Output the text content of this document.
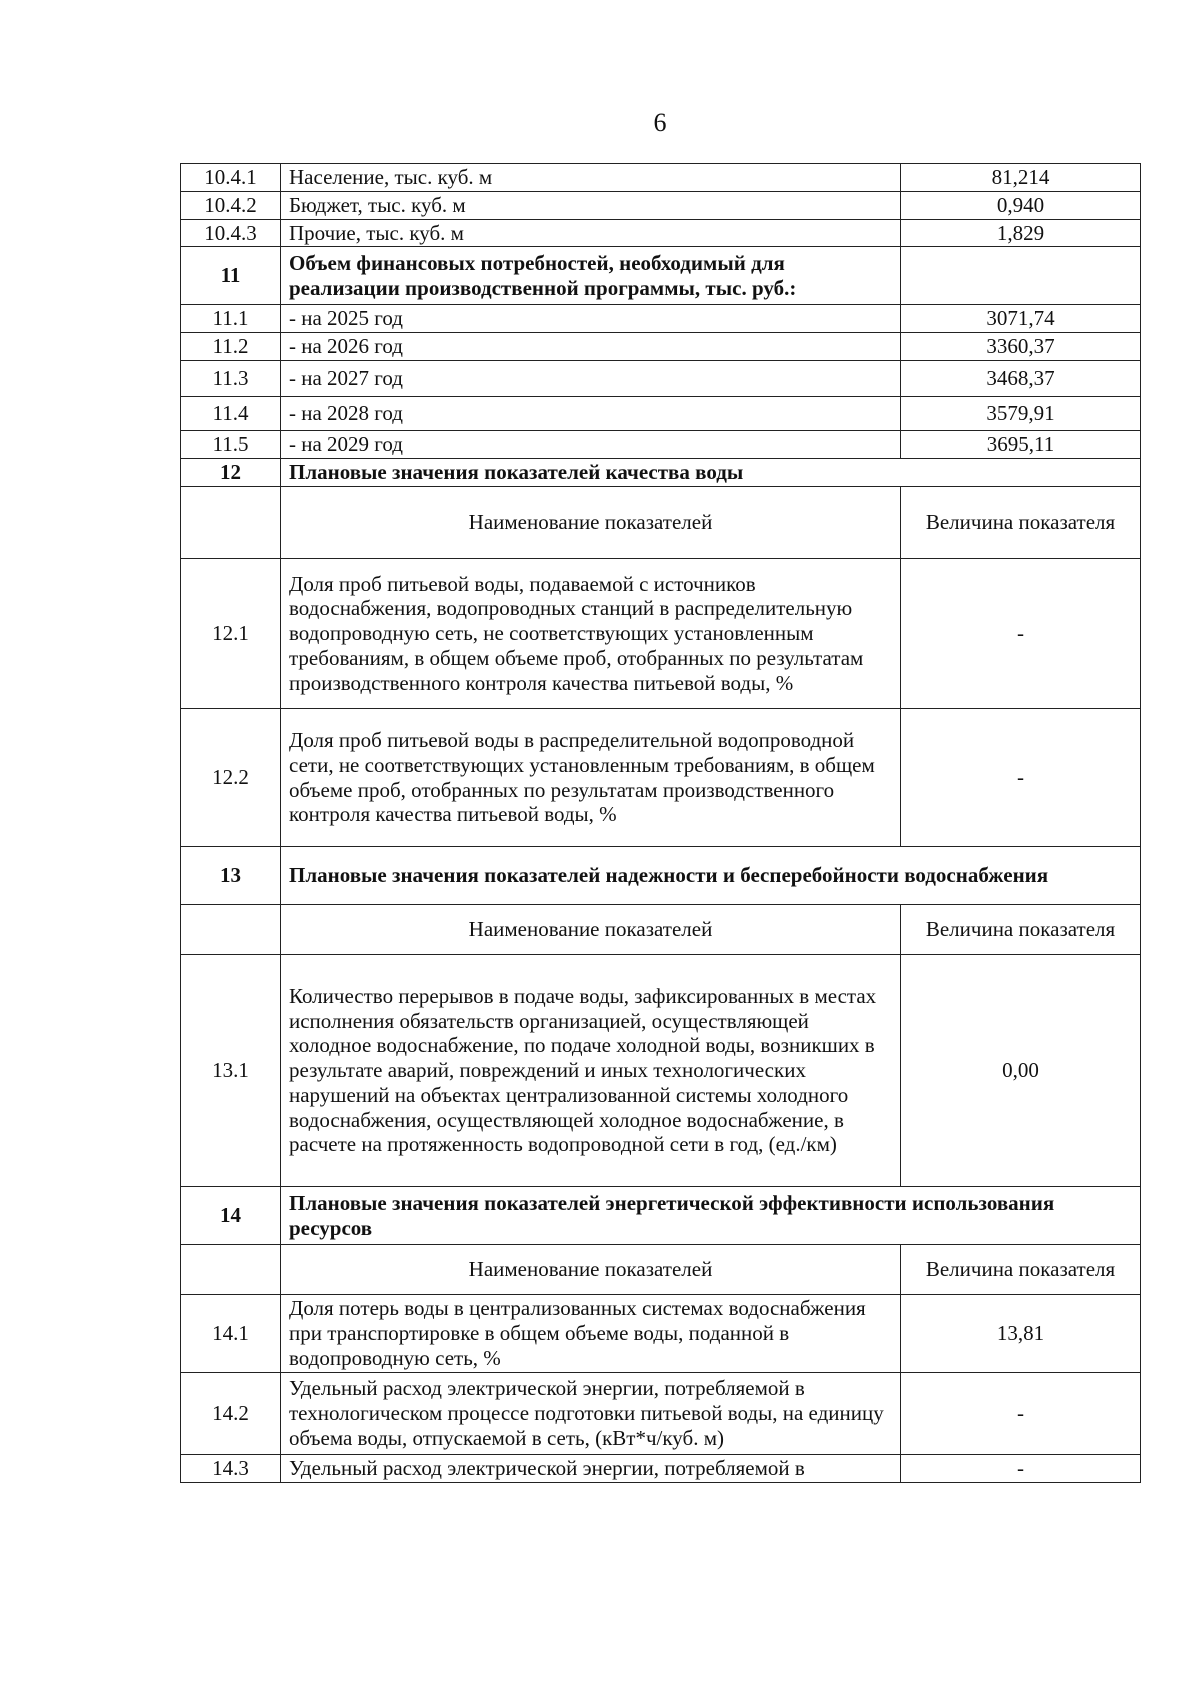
6
10.4.1	Население, тыс. куб. м	81,214
10.4.2	Бюджет, тыс. куб. м	0,940
10.4.3	Прочие, тыс. куб. м	1,829
11	Объем финансовых потребностей, необходимый для реализации производственной программы, тыс. руб.:	
11.1	- на 2025 год	3071,74
11.2	- на 2026 год	3360,37
11.3	- на 2027 год	3468,37
11.4	- на 2028 год	3579,91
11.5	- на 2029 год	3695,11
12	Плановые значения показателей качества воды	
	Наименование показателей	Величина показателя
12.1	Доля проб питьевой воды, подаваемой с источников водоснабжения, водопроводных станций в распределительную водопроводную сеть, не соответствующих установленным требованиям, в общем объеме проб, отобранных по результатам производственного контроля качества питьевой воды, %	-
12.2	Доля проб питьевой воды в распределительной водопроводной сети, не соответствующих установленным требованиям, в общем объеме проб, отобранных по результатам производственного контроля качества питьевой воды, %	-
13	Плановые значения показателей надежности и бесперебойности водоснабжения	
	Наименование показателей	Величина показателя
13.1	Количество перерывов в подаче воды, зафиксированных в местах исполнения обязательств организацией, осуществляющей холодное водоснабжение, по подаче холодной воды, возникших в результате аварий, повреждений и иных технологических нарушений на объектах централизованной системы холодного водоснабжения, осуществляющей холодное водоснабжение, в расчете на протяженность водопроводной сети в год, (ед./км)	0,00
14	Плановые значения показателей энергетической эффективности использования ресурсов	
	Наименование показателей	Величина показателя
14.1	Доля потерь воды в централизованных системах водоснабжения при транспортировке в общем объеме воды, поданной в водопроводную сеть, %	13,81
14.2	Удельный расход электрической энергии, потребляемой в технологическом процессе подготовки питьевой воды, на единицу объема воды, отпускаемой в сеть, (кВт*ч/куб. м)	-
14.3	Удельный расход электрической энергии, потребляемой в	-
